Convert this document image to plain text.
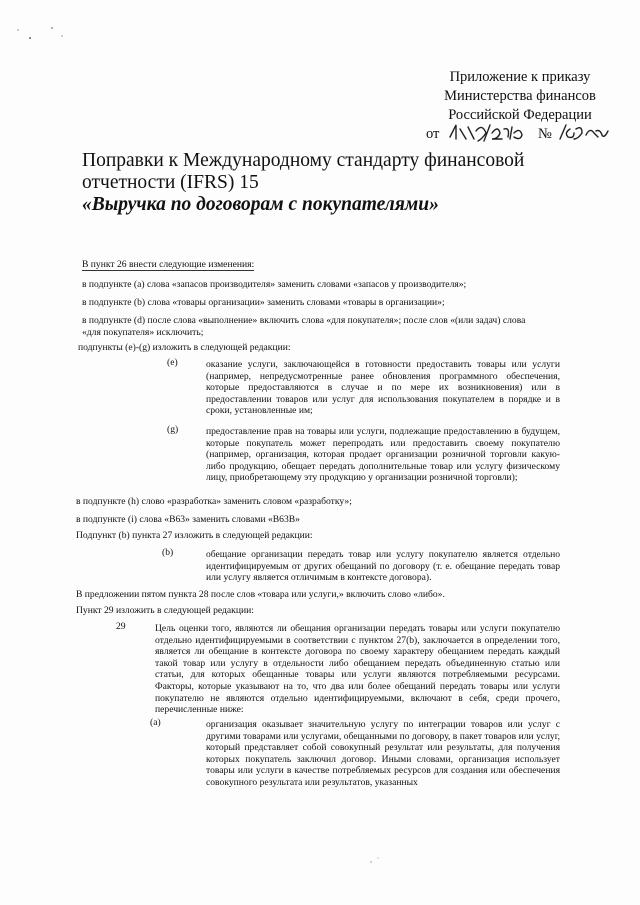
Приложение к приказу
Министерства финансов
Российской Федерации
от	№
Поправки к Международному стандарту финансовой
отчетности (IFRS) 15
«Выручка по договорам с покупателями»
В пункт 26 внести следующие изменения:
в подпункте (a) слова «запасов производителя» заменить словами «запасов у производителя»;
в подпункте (b) слова «товары организации» заменить словами «товары в организации»;
в подпункте (d) после слова «выполнение» включить слова «для покупателя»; после слов «(или задач) слова
«для покупателя» исключить;
подпункты (e)-(g) изложить в следующей редакции:
(e)	оказание услуги, заключающейся в готовности предоставить товары или услуги (например, непредусмотренные ранее обновления программного обеспечения, которые предоставляются в случае и по мере их возникновения) или в предоставлении товаров или услуг для использования покупателем в порядке и в сроки, установленные им;
(g)	предоставление прав на товары или услуги, подлежащие предоставлению в будущем, которые покупатель может перепродать или предоставить своему покупателю (например, организация, которая продает организации розничной торговли какую-либо продукцию, обещает передать дополнительные товар или услугу физическому лицу, приобретающему эту продукцию у организации розничной торговли);
в подпункте (h) слово «разработка» заменить словом «разработку»;
в подпункте (i) слова «B63» заменить словами «B63B»
Подпункт (b) пункта 27 изложить в следующей редакции:
(b)	обещание организации передать товар или услугу покупателю является отдельно идентифицируемым от других обещаний по договору (т. е. обещание передать товар или услугу является отличимым в контексте договора).
В предложении пятом пункта 28 после слов «товара или услуги,» включить слово «либо».
Пункт 29 изложить в следующей редакции:
29	Цель оценки того, являются ли обещания организации передать товары или услуги покупателю отдельно идентифицируемыми в соответствии с пунктом 27(b), заключается в определении того, является ли обещание в контексте договора по своему характеру обещанием передать каждый такой товар или услугу в отдельности либо обещанием передать объединенную статью или статьи, для которых обещанные товары или услуги являются потребляемыми ресурсами. Факторы, которые указывают на то, что два или более обещаний передать товары или услуги покупателю не являются отдельно идентифицируемыми, включают в себя, среди прочего, перечисленные ниже:
(a)	организация оказывает значительную услугу по интеграции товаров или услуг с другими товарами или услугами, обещанными по договору, в пакет товаров или услуг, который представляет собой совокупный результат или результаты, для получения которых покупатель заключил договор. Иными словами, организация использует товары или услуги в качестве потребляемых ресурсов для создания или обеспечения совокупного результата или результатов, указанных
